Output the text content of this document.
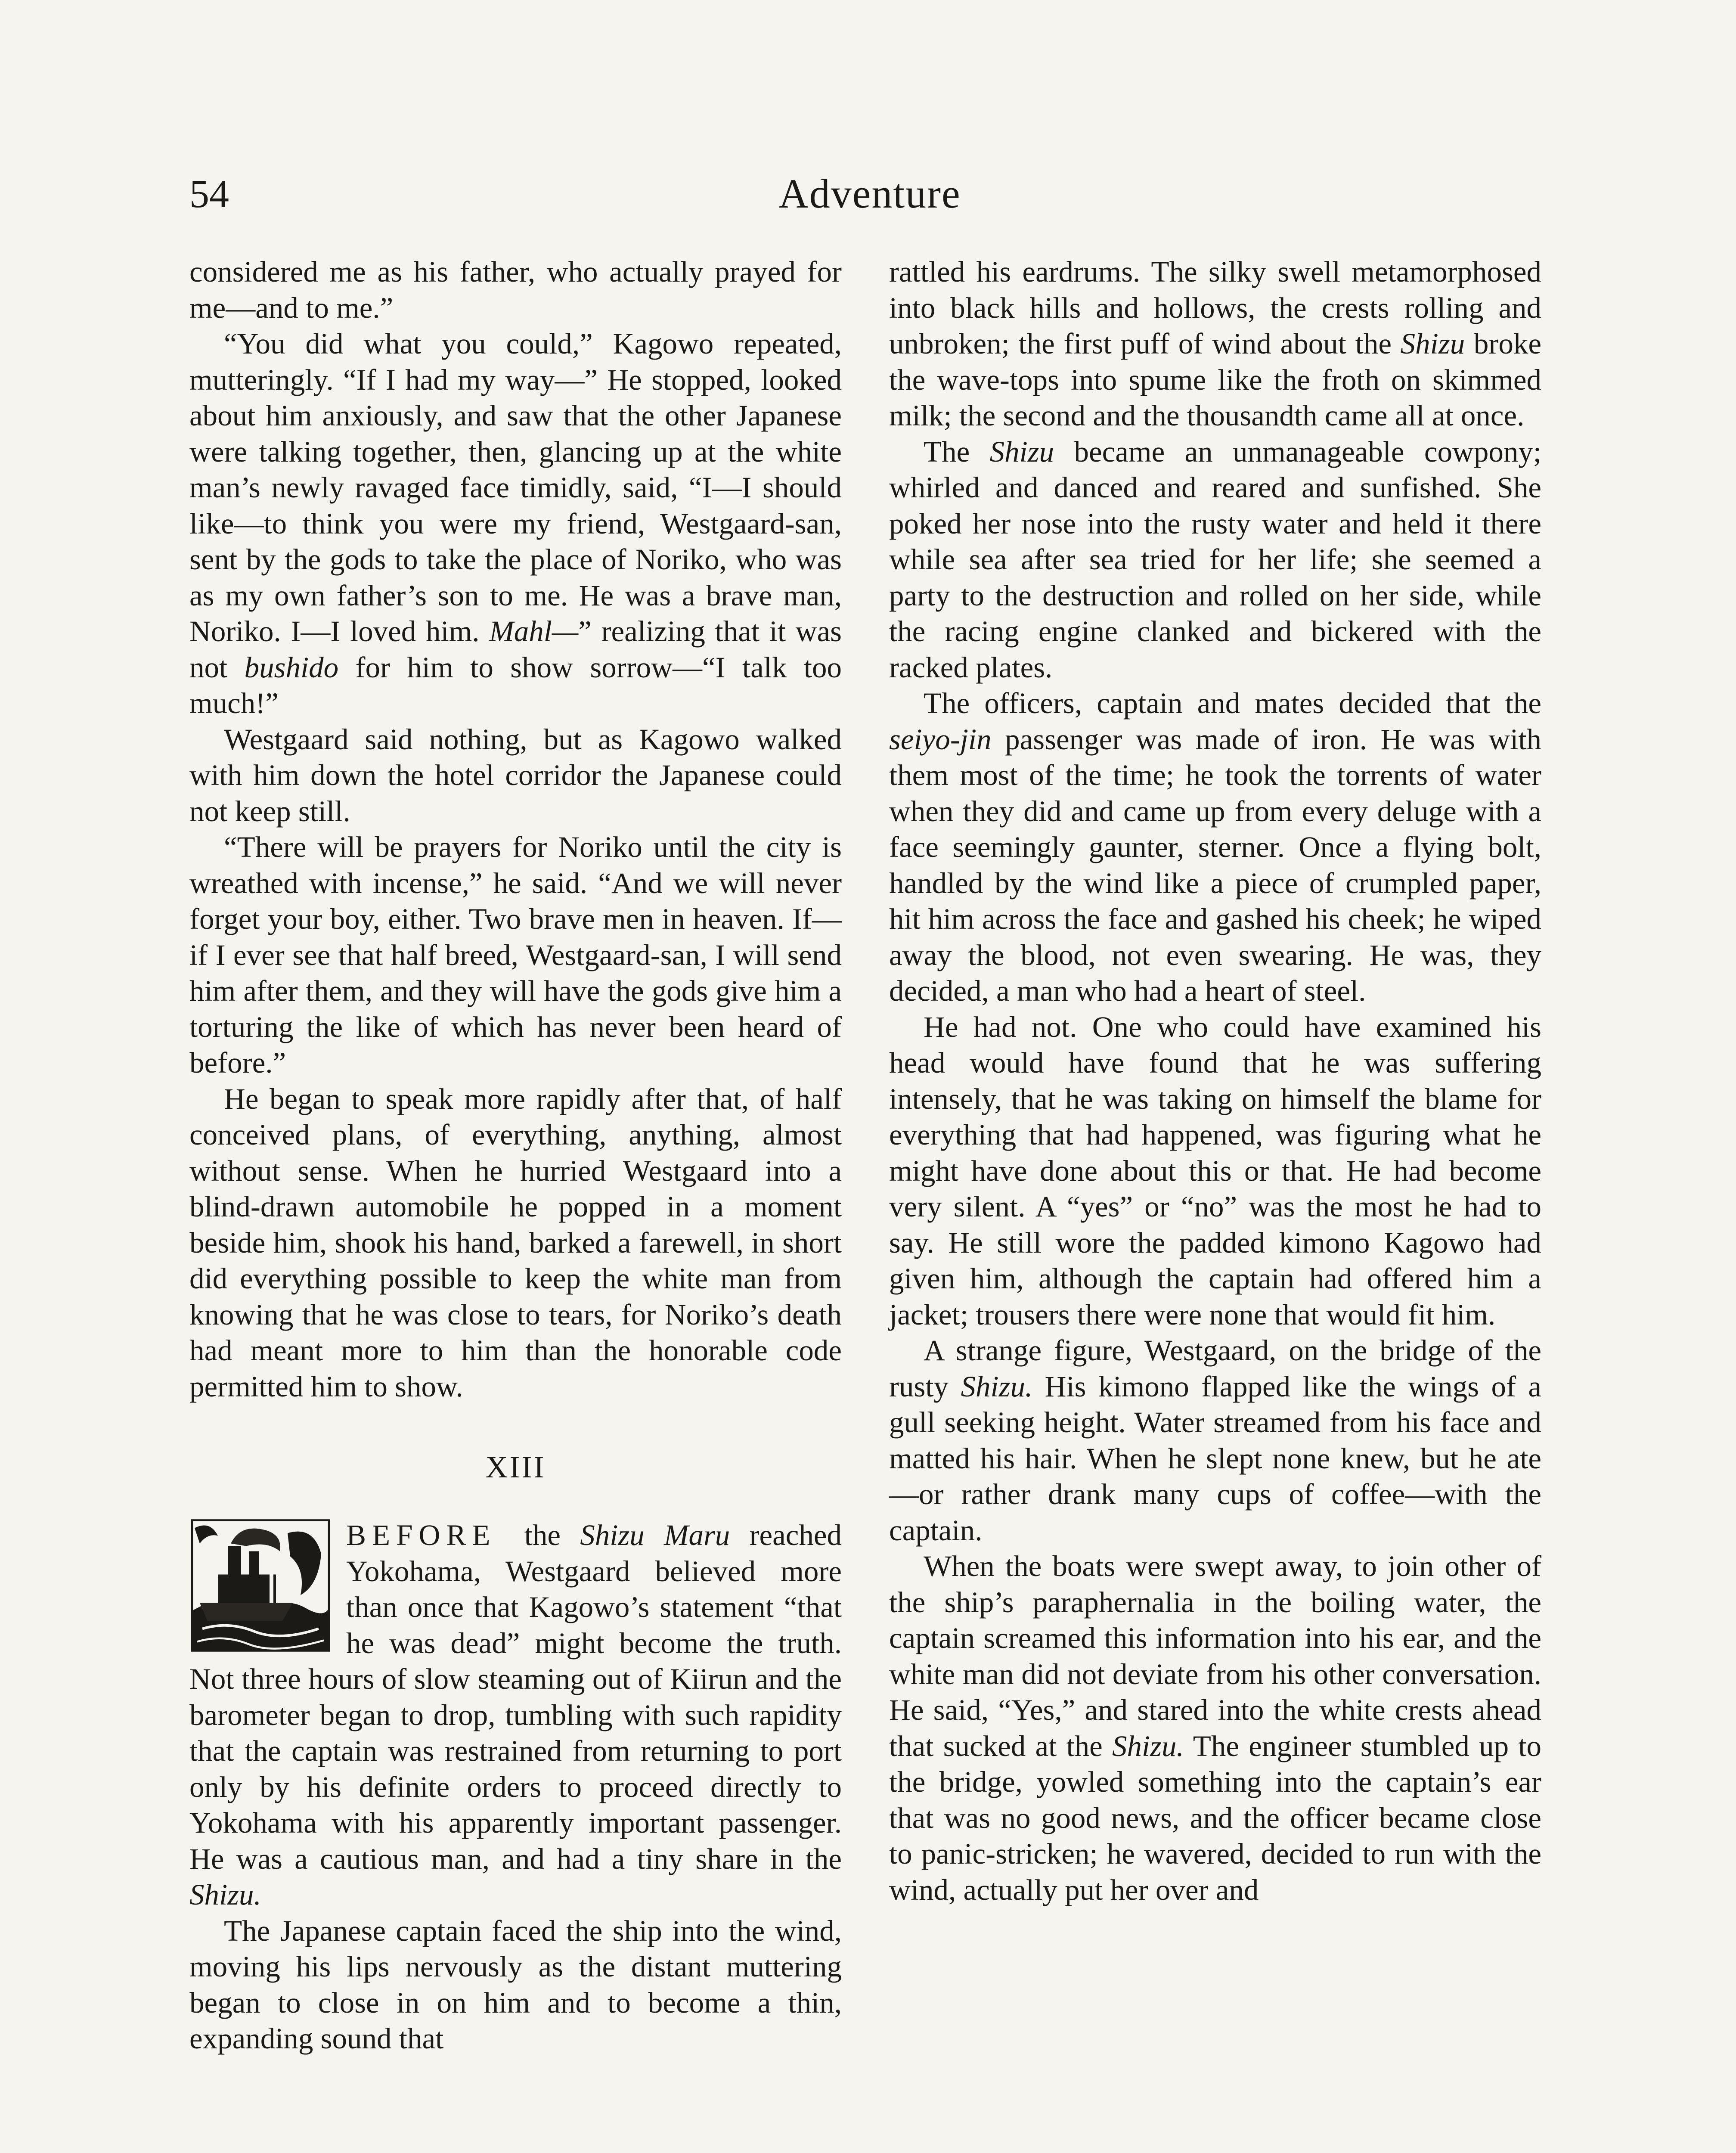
54	Adventure

considered me as his father, who actually prayed for me—and to me.”

“You did what you could,” Kagowo repeated, mutteringly. “If I had my way—” He stopped, looked about him anxiously, and saw that the other Japanese were talking together, then, glancing up at the white man’s newly ravaged face timidly, said, “I—I should like—to think you were my friend, Westgaard-san, sent by the gods to take the place of Noriko, who was as my own father’s son to me. He was a brave man, Noriko. I—I loved him. Mahl—” realizing that it was not bushido for him to show sorrow—“I talk too much!”

Westgaard said nothing, but as Kagowo walked with him down the hotel corridor the Japanese could not keep still.

“There will be prayers for Noriko until the city is wreathed with incense,” he said. “And we will never forget your boy, either. Two brave men in heaven. If—if I ever see that half breed, Westgaard-san, I will send him after them, and they will have the gods give him a torturing the like of which has never been heard of before.”

He began to speak more rapidly after that, of half conceived plans, of everything, anything, almost without sense. When he hurried Westgaard into a blind-drawn automobile he popped in a moment beside him, shook his hand, barked a farewell, in short did everything possible to keep the white man from knowing that he was close to tears, for Noriko’s death had meant more to him than the honorable code permitted him to show.

XIII

BEFORE the Shizu Maru reached Yokohama, Westgaard believed more than once that Kagowo’s statement “that he was dead” might become the truth. Not three hours of slow steaming out of Kiirun and the barometer began to drop, tumbling with such rapidity that the captain was restrained from returning to port only by his definite orders to proceed directly to Yokohama with his apparently important passenger. He was a cautious man, and had a tiny share in the Shizu.

The Japanese captain faced the ship into the wind, moving his lips nervously as the distant muttering began to close in on him and to become a thin, expanding sound that

rattled his eardrums. The silky swell metamorphosed into black hills and hollows, the crests rolling and unbroken; the first puff of wind about the Shizu broke the wave-tops into spume like the froth on skimmed milk; the second and the thousandth came all at once.

The Shizu became an unmanageable cowpony; whirled and danced and reared and sunfished. She poked her nose into the rusty water and held it there while sea after sea tried for her life; she seemed a party to the destruction and rolled on her side, while the racing engine clanked and bickered with the racked plates.

The officers, captain and mates decided that the seiyo-jin passenger was made of iron. He was with them most of the time; he took the torrents of water when they did and came up from every deluge with a face seemingly gaunter, sterner. Once a flying bolt, handled by the wind like a piece of crumpled paper, hit him across the face and gashed his cheek; he wiped away the blood, not even swearing. He was, they decided, a man who had a heart of steel.

He had not. One who could have examined his head would have found that he was suffering intensely, that he was taking on himself the blame for everything that had happened, was figuring what he might have done about this or that. He had become very silent. A “yes” or “no” was the most he had to say. He still wore the padded kimono Kagowo had given him, although the captain had offered him a jacket; trousers there were none that would fit him.

A strange figure, Westgaard, on the bridge of the rusty Shizu. His kimono flapped like the wings of a gull seeking height. Water streamed from his face and matted his hair. When he slept none knew, but he ate—or rather drank many cups of coffee—with the captain.

When the boats were swept away, to join other of the ship’s paraphernalia in the boiling water, the captain screamed this information into his ear, and the white man did not deviate from his other conversation. He said, “Yes,” and stared into the white crests ahead that sucked at the Shizu. The engineer stumbled up to the bridge, yowled something into the captain’s ear that was no good news, and the officer became close to panic-stricken; he wavered, decided to run with the wind, actually put her over and
